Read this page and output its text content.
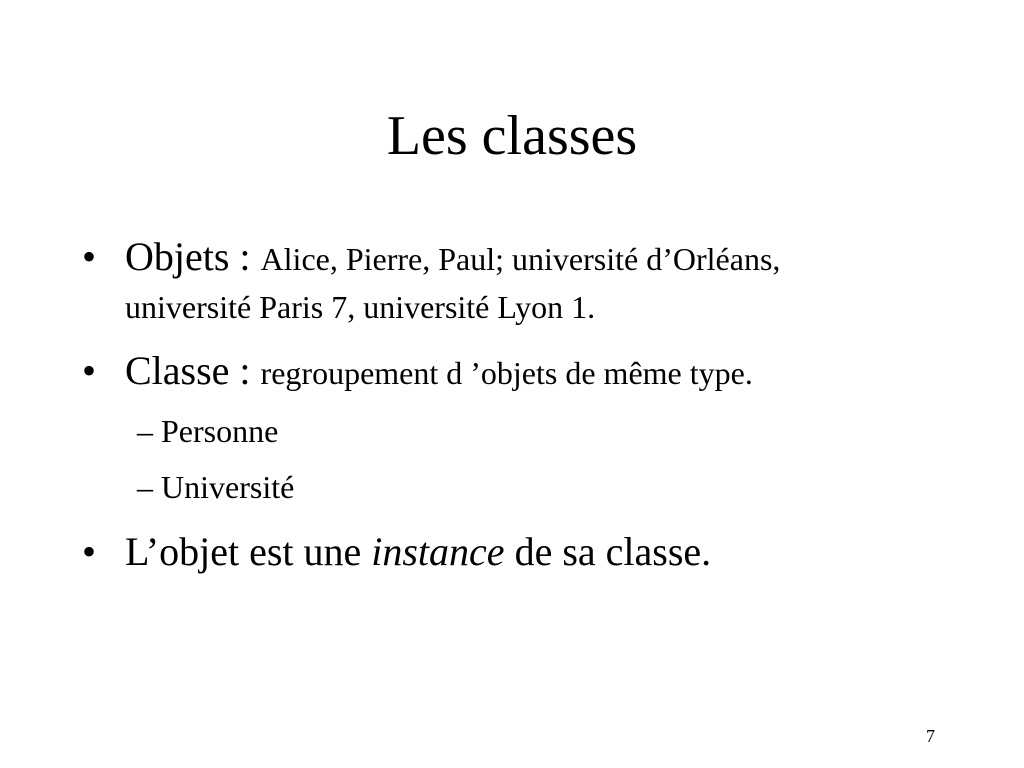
Les classes
• Objets : Alice, Pierre, Paul; université d’Orléans,
université Paris 7, université Lyon 1.
• Classe : regroupement d ’objets de même type.
– Personne
– Université
• L’objet est une instance de sa classe.
7
